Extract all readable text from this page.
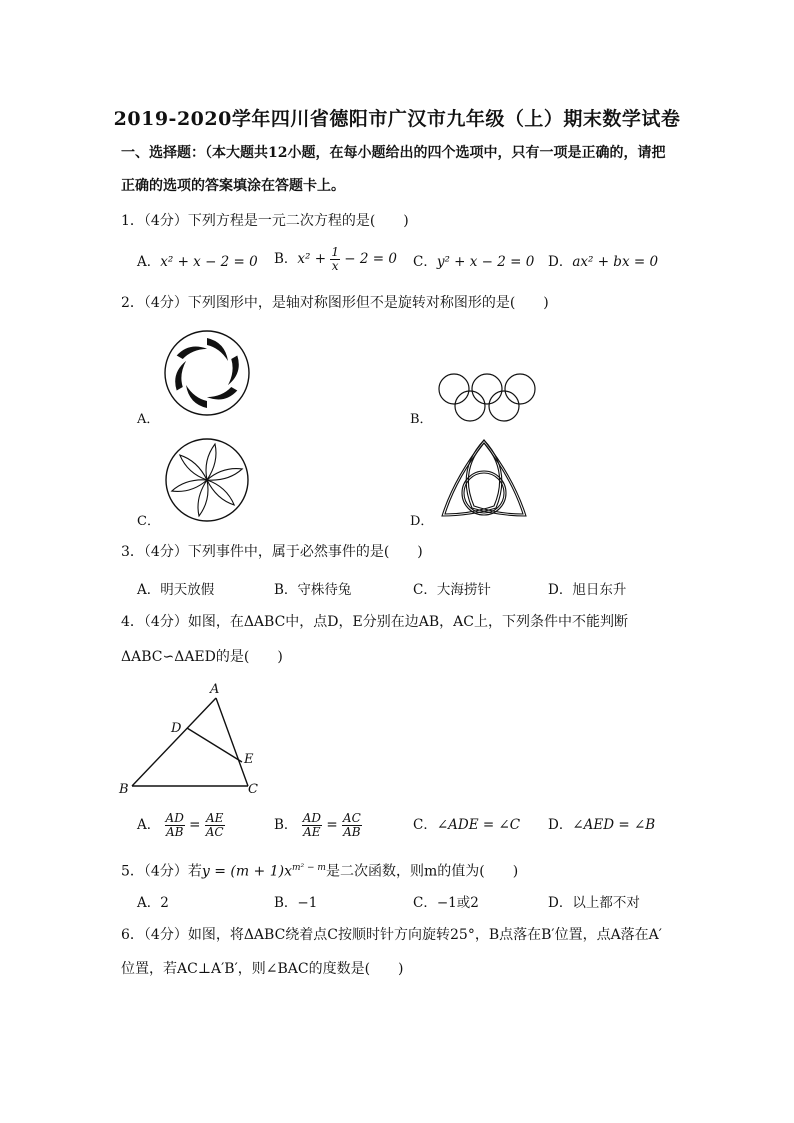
2019-2020学年四川省德阳市广汉市九年级（上）期末数学试卷
一、选择题：（本大题共12小题，在每小题给出的四个选项中，只有一项是正确的，请把
正确的选项的答案填涂在答题卡上。
1．（4分）下列方程是一元二次方程的是(　　)
A．x² + x − 2 = 0 B．$x^2 + \frac{1}{x} - 2 = 0$ C．y² + x − 2 = 0 D．ax² + bx = 0
2．（4分）下列图形中，是轴对称图形但不是旋转对称图形的是(　　)
A．	B．
C．	D．
3．（4分）下列事件中，属于必然事件的是(　　)
A．明天放假	B．守株待兔	C．大海捞针	D．旭日东升
4．（4分）如图，在ΔABC中，点D，E分别在边AB，AC上，下列条件中不能判断
ΔABC∽ΔAED的是(　　)
A
D
E
B	C
A． $\frac{AD}{AB} = \frac{AE}{AC}$	B． $\frac{AD}{AE} = \frac{AC}{AB}$	C．∠ADE = ∠C D．∠AED = ∠B
5．（4分）若$y = (m + 1)x^{m^2 - m}$是二次函数，则m的值为(　　)
A．2	B．−1	C．−1或2	D．以上都不对
6．（4分）如图，将ΔABC绕着点C按顺时针方向旋转25°，B点落在B′位置，点A落在A′
位置，若AC⊥A′B′，则∠BAC的度数是(　　)
